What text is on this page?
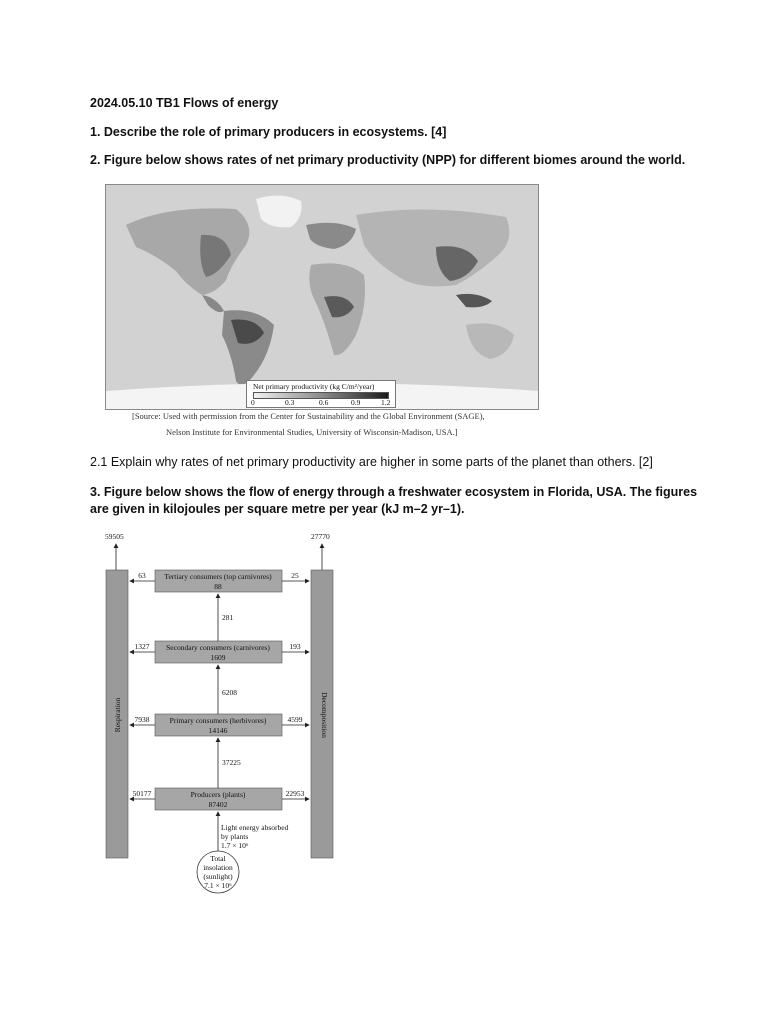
2024.05.10 TB1 Flows of energy
1. Describe the role of primary producers in ecosystems. [4]
2. Figure below shows rates of net primary productivity (NPP) for different biomes around the world.
Net primary productivity (kg C/m²/year)
0	0.3	0.6	0.9	1.2
[Source: Used with permission from the Center for Sustainability and the Global Environment (SAGE),
Nelson Institute for Environmental Studies, University of Wisconsin-Madison, USA.]
2.1 Explain why rates of net primary productivity are higher in some parts of the planet than others. [2]
3. Figure below shows the flow of energy through a freshwater ecosystem in Florida, USA. The figures
are given in kilojoules per square metre per year (kJ m–2 yr–1).
59505	27770
Respiration	Decomposition
Tertiary consumers (top carnivores)
88
Secondary consumers (carnivores)
1609
Primary consumers (herbivores)
14146
Producers (plants)
87402
63
1327
7938
50177
25
193
4599
22953
281
6208
37225
Light energy absorbed
by plants
1.7 × 10⁶
Total
insolation
(sunlight)
7.1 × 10⁶
